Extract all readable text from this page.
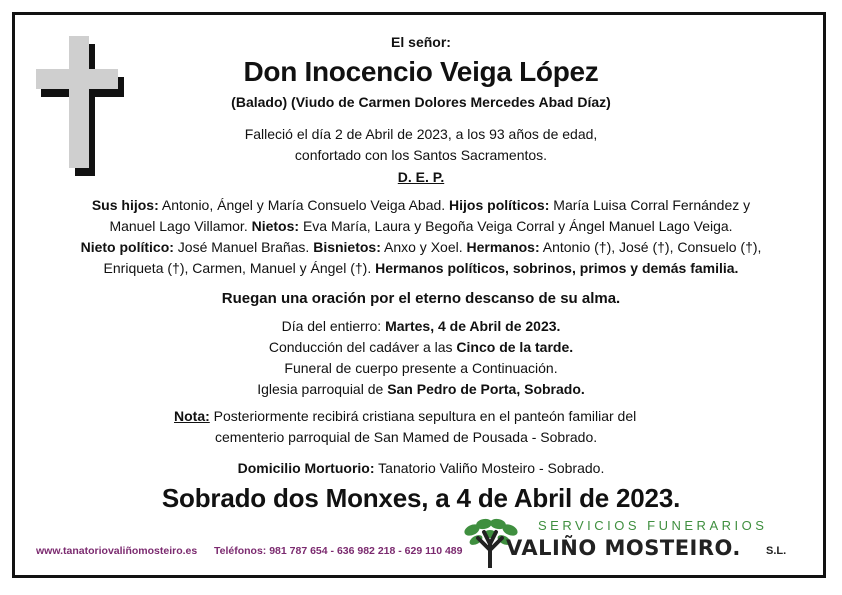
El señor:
Don Inocencio Veiga López
(Balado) (Viudo de Carmen Dolores Mercedes Abad Díaz)
Falleció el día 2 de Abril de 2023, a los 93 años de edad,
confortado con los Santos Sacramentos.
D. E. P.
Sus hijos: Antonio, Ángel y María Consuelo Veiga Abad. Hijos políticos: María Luisa Corral Fernández y
Manuel Lago Villamor. Nietos: Eva María, Laura y Begoña Veiga Corral y Ángel Manuel Lago Veiga.
Nieto político: José Manuel Brañas. Bisnietos: Anxo y Xoel. Hermanos: Antonio (†), José (†), Consuelo (†),
Enriqueta (†), Carmen, Manuel y Ángel (†). Hermanos políticos, sobrinos, primos y demás familia.
Ruegan una oración por el eterno descanso de su alma.
Día del entierro: Martes, 4 de Abril de 2023.
Conducción del cadáver a las Cinco de la tarde.
Funeral de cuerpo presente a Continuación.
Iglesia parroquial de San Pedro de Porta, Sobrado.
Nota: Posteriormente recibirá cristiana sepultura en el panteón familiar del
cementerio parroquial de San Mamed de Pousada - Sobrado.
Domicilio Mortuorio: Tanatorio Valiño Mosteiro - Sobrado.
Sobrado dos Monxes, a 4 de Abril de 2023.
www.tanatoriovaliñomosteiro.es Teléfonos: 981 787 654 - 636 982 218 - 629 110 489
SERVICIOS FUNERARIOS
VALIÑO MOSTEIRO. S.L.
